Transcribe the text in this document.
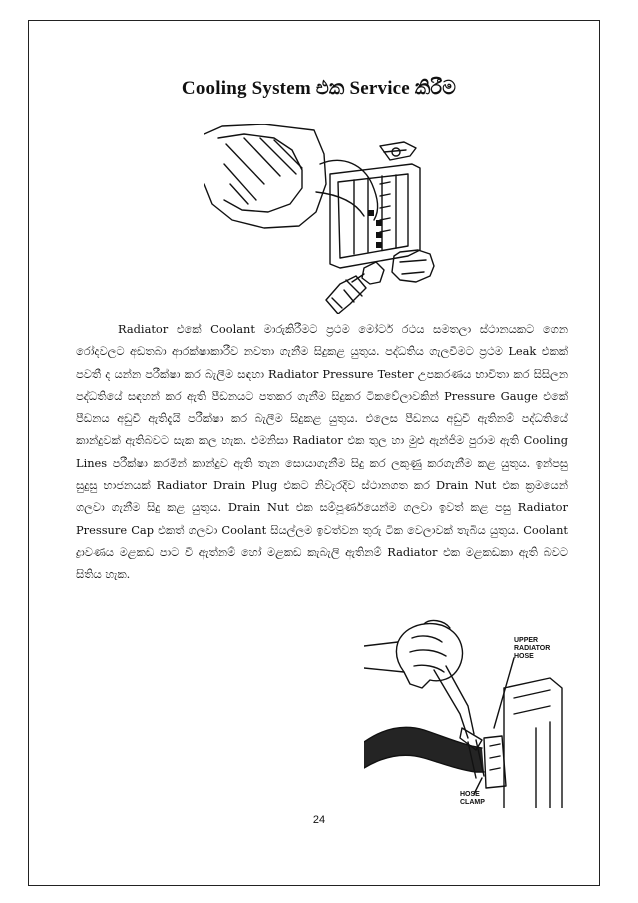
Cooling System එක Service කිරීම
Radiator එකේ Coolant මාරුකිරීමට ප්‍රථම මෝටර් රථය සමතලා ස්ථානයකට ගෙන රෝදවලට අඩතබා ආරක්ෂාකාරීව නවතා ගැනීම සිදුකළ යුතුය. පද්ධතිය ගැලවීමට ප්‍රථම Leak එකක් පවතී ද යන්න පරීක්ෂා කර බැලීම සඳහා Radiator Pressure Tester උපකරණය භාවිතා කර සිසිලන පද්ධතියේ සඳහන් කර ඇති පීඩනයට පතකර ගැනීම සිදුකර ටිකවේලාවකින් Pressure Gauge එකේ පීඩනය අඩුවී ඇතිදැයි පරීක්ෂා කර බැලීම සිදුකළ යුතුය. එලෙස පීඩනය අඩුවී ඇතිනම් පද්ධතියේ කාන්දුවක් ඇතිබවට සැක කල හැක. එමනිසා Radiator එක තුල හා මුළු ඇන්ජිම පුරාම ඇති Cooling Lines පරීක්ෂා කරමින් කාන්දුව ඇති තැන සොයාගැනීම සිදු කර ලකුණු කරගැනීම කළ යුතුය. ඉන්පසු සුදුසු භාජනයක් Radiator Drain Plug එකට නිවැරදිව ස්ථානගත කර Drain Nut එක ක්‍රමයෙන් ගලවා ගැනීම සිදු කළ යුතුය. Drain Nut එක සම්පූර්ණයෙන්ම ගලවා ඉවත් කළ පසු Radiator Pressure Cap එකත් ගලවා Coolant සියල්ලම ඉවත්වන තුරු ටික වෙලාවක් තැබිය යුතුය. Coolant ද්‍රාවණය මළකඩ පාට වී ඇත්නම් හෝ මළකඩ කැබැලි ඇතිනම් Radiator එක මළකඩකා ඇති බවට සිතිය හැක.
UPPER
RADIATOR
HOSE
HOSE
CLAMP
24
